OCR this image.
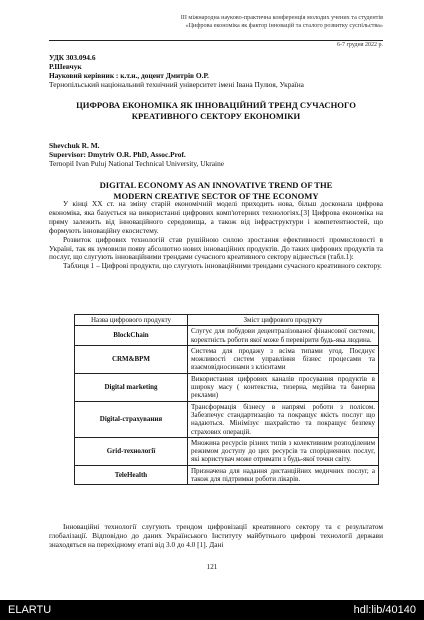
ІІІ міжнародна науково-практична конференція молодих учених та студентів
«Цифрова економіка як фактор інновацій та сталого розвитку суспільства»
6-7 грудня 2022 р.
УДК 303.094.6
Р.Шевчук
Науковий керівник : к.т.н., доцент Дмитрів О.Р.
Тернопільський національний технічний університет імені Івана Пулюя, Україна
ЦИФРОВА ЕКОНОМІКА ЯК ІННОВАЦІЙНИЙ ТРЕНД СУЧАСНОГО КРЕАТИВНОГО СЕКТОРУ ЕКОНОМІКИ
Shevchuk R. M.
Supervisor: Dmytriv O.R. PhD, Assoc.Prof.
Ternopil Ivan Puluj National Technical University, Ukraine
DIGITAL ECONOMY AS AN INNOVATIVE TREND OF THE MODERN CREATIVE SECTOR OF THE ECONOMY

У кінці XX ст. на зміну старій економічній моделі приходить нова, більш досконала цифрова економіка, яка базується на використанні цифрових комп'ютерних технологіях.[3] Цифрова економіка на пряму залежить від інноваційного середовища, а також від інфраструктури і компетентностей, що формують інноваційну екосистему.

Розвиток цифрових технологій став рушійною силою зростання ефективності промисловості в Україні, так як зумовили появу абсолютно нових інноваційних продуктів. До таких цифрових продуктів та послуг, що слугують інноваційними трендами сучасного креативного сектору віднесться (табл.1):

Таблиця 1 – Цифрові продукти, що слугують інноваційними трендами сучасного креативного сектору.

Назва цифрового продукту	Зміст цифрового продукту
BlockChain	Слугує для побудови децентралізованої фінансової системи, коректність роботи якої може б перевірити будь-яка людина.
CRM&BPM	Система для продажу з всіма типами угод. Поєднує можливості систем управління бізнес процесами та взаємовідносинами з клієнтами
Digital marketing	Використання цифрових каналів просування продуктів в широку масу ( контекстна, тизерна, медійна та банерна реклами)
Digital-страхування	Трансформація бізнесу в напрямі роботи з полісом. Забезпечує стандартизацію та покращує якість послуг що надаються. Мінімізує шахрайство та покращує безпеку страхових операцій.
Grid-технології	Множина ресурсів різних типів з колективним розподіленим режимом доступу до цих ресурсів та спорідненних послуг, які користувач може отримати з будь-якої точки світу.
TeleHealth	Призначена для надання дистанційних медичних послуг, а також для підтримки роботи лікарів.

Інноваційні технології слугують трендом цифровізації креативного сектору та є результатом глобалізації. Відповідно до даних Українського Інституту майбутнього цифрові технології держави знаходяться на перехідному етапі від 3.0 до 4.0 [1]. Дані

121
ELARTU	hdl:lib/40140
